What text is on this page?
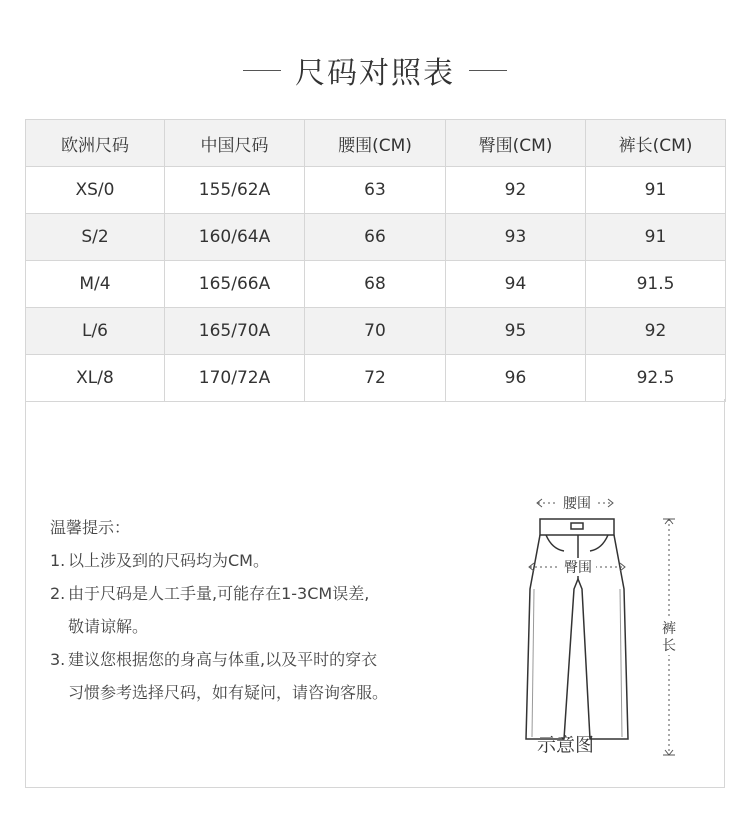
尺码对照表
欧洲尺码	中国尺码	腰围(CM)	臀围(CM)	裤长(CM)
XS/0	155/62A	63	92	91
S/2	160/64A	66	93	91
M/4	165/66A	68	94	91.5
L/6	165/70A	70	95	92
XL/8	170/72A	72	96	92.5
温馨提示：
1. 以上涉及到的尺码均为CM。
2. 由于尺码是人工手量,可能存在1-3CM误差,
敬请谅解。
3. 建议您根据您的身高与体重,以及平时的穿衣
习惯参考选择尺码，如有疑问，请咨询客服。
腰围
臀围
裤
长
示意图
